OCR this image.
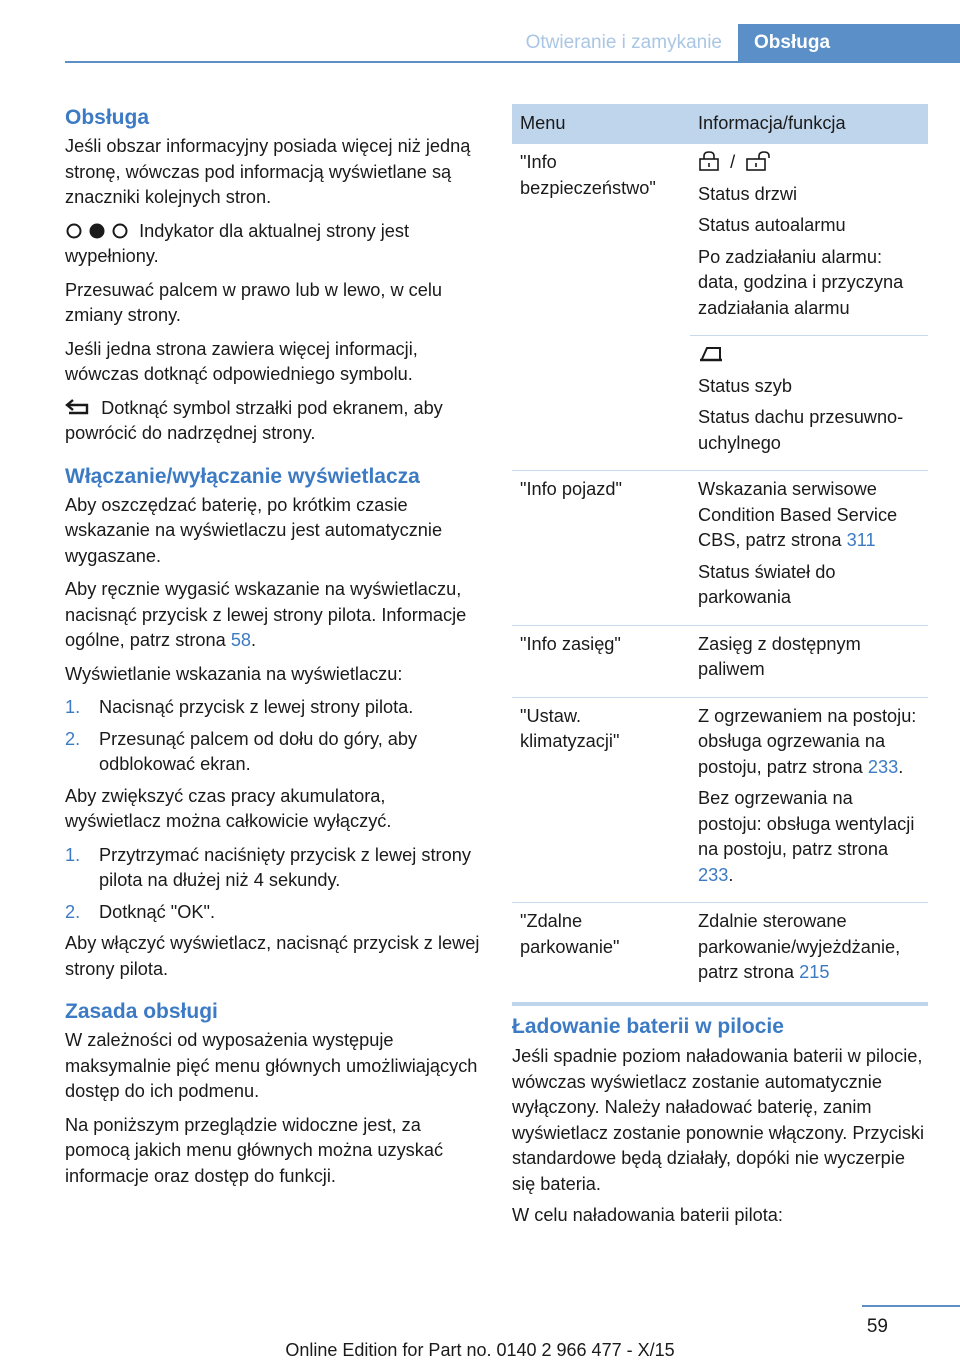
Otwieranie i zamykanie	Obsługa
Obsługa

Jeśli obszar informacyjny posiada więcej niż jedną stronę, wówczas pod informacją wyświetlane są znaczniki kolejnych stron.

Indykator dla aktualnej strony jest wypełniony.

Przesuwać palcem w prawo lub w lewo, w celu zmiany strony.

Jeśli jedna strona zawiera więcej informacji, wówczas dotknąć odpowiedniego symbolu.

Dotknąć symbol strzałki pod ekranem, aby powrócić do nadrzędnej strony.

Włączanie/wyłączanie wyświetlacza

Aby oszczędzać baterię, po krótkim czasie wskazanie na wyświetlaczu jest automatycznie wygaszane.

Aby ręcznie wygasić wskazanie na wyświetlaczu, nacisnąć przycisk z lewej strony pilota. Informacje ogólne, patrz strona 58.

Wyświetlanie wskazania na wyświetlaczu:

1. Nacisnąć przycisk z lewej strony pilota.
2. Przesunąć palcem od dołu do góry, aby odblokować ekran.

Aby zwiększyć czas pracy akumulatora, wyświetlacz można całkowicie wyłączyć.

1. Przytrzymać naciśnięty przycisk z lewej strony pilota na dłużej niż 4 sekundy.
2. Dotknąć "OK".

Aby włączyć wyświetlacz, nacisnąć przycisk z lewej strony pilota.

Zasada obsługi

W zależności od wyposażenia występuje maksymalnie pięć menu głównych umożliwiających dostęp do ich podmenu.

Na poniższym przeglądzie widoczne jest, za pomocą jakich menu głównych można uzyskać informacje oraz dostęp do funkcji.

Menu	Informacja/funkcja
"Info bezpieczeństwo"	/

Status drzwi

Status autoalarmu

Po zadziałaniu alarmu: data, godzina i przyczyna zadziałania alarmu

	Status szyb

Status dachu przesuwno-uchylnego

"Info pojazd"	Wskazania serwisowe Condition Based Service CBS, patrz strona 311

Status świateł do parkowania

"Info zasięg"	Zasięg z dostępnym paliwem

"Ustaw. klimatyzacji"	Z ogrzewaniem na postoju: obsługa ogrzewania na postoju, patrz strona 233.

Bez ogrzewania na postoju: obsługa wentylacji na postoju, patrz strona 233.

"Zdalne parkowanie"	Zdalnie sterowane parkowanie/wyjeżdżanie, patrz strona 215

Ładowanie baterii w pilocie

Jeśli spadnie poziom naładowania baterii w pilocie, wówczas wyświetlacz zostanie automatycznie wyłączony. Należy naładować baterię, zanim wyświetlacz zostanie ponownie włączony. Przyciski standardowe będą działały, dopóki nie wyczerpie się bateria.

W celu naładowania baterii pilota:

59
Online Edition for Part no. 0140 2 966 477 - X/15
